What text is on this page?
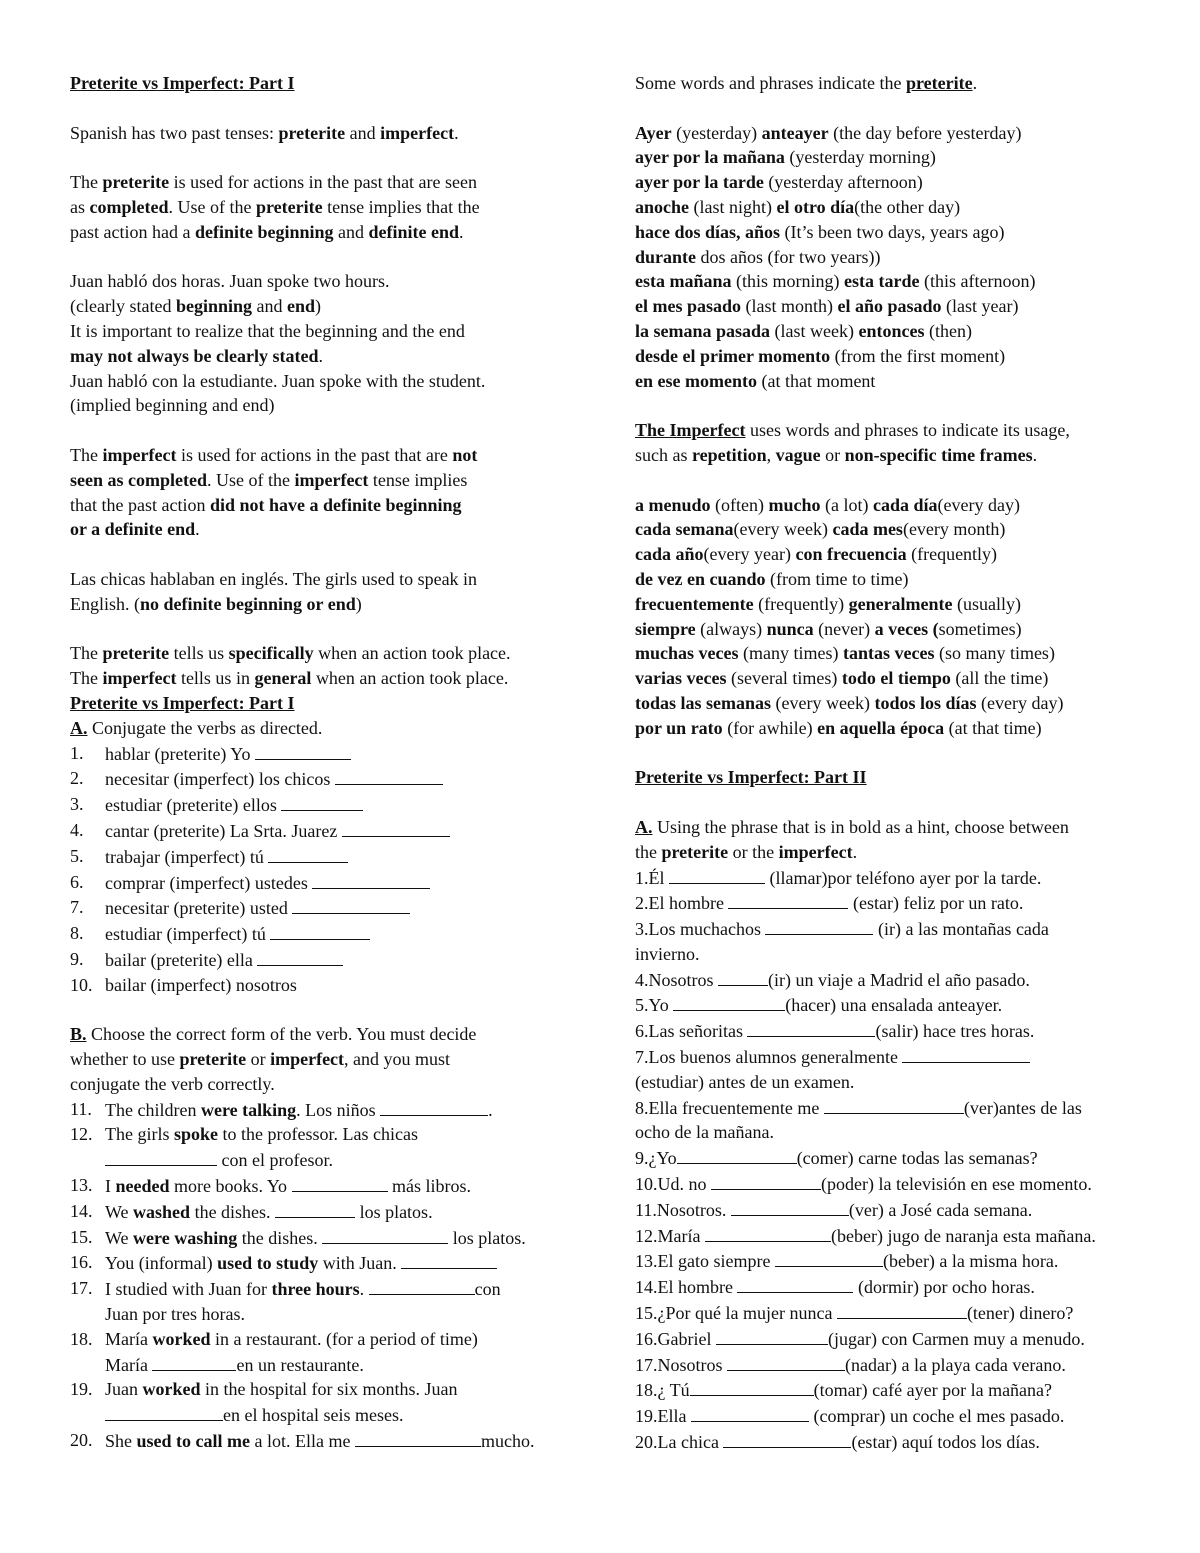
Preterite vs Imperfect: Part I

Spanish has two past tenses: preterite and imperfect.

The preterite is used for actions in the past that are seen

as completed. Use of the preterite tense implies that the

past action had a definite beginning and definite end.

Juan habló dos horas. Juan spoke two hours.

(clearly stated beginning and end)

It is important to realize that the beginning and the end

may not always be clearly stated.

Juan habló con la estudiante. Juan spoke with the student.

(implied beginning and end)

The imperfect is used for actions in the past that are not

seen as completed. Use of the imperfect tense implies

that the past action did not have a definite beginning

or a definite end.

Las chicas hablaban en inglés. The girls used to speak in

English. (no definite beginning or end)

The preterite tells us specifically when an action took place.

The imperfect tells us in general when an action took place.

Preterite vs Imperfect: Part I

A. Conjugate the verbs as directed.

1. hablar (preterite) Yo
2. necesitar (imperfect) los chicos
3. estudiar (preterite) ellos
4. cantar (preterite) La Srta. Juarez
5. trabajar (imperfect) tú
6. comprar (imperfect) ustedes
7. necesitar (preterite) usted
8. estudiar (imperfect) tú
9. bailar (preterite) ella
10. bailar (imperfect) nosotros

B. Choose the correct form of the verb. You must decide

whether to use preterite or imperfect, and you must

conjugate the verb correctly.

11. The children were talking. Los niños	.
12. The girls spoke to the professor. Las chicas
con el profesor.
13. I needed more books. Yo	más libros.
14. We washed the dishes.	los platos.
15. We were washing the dishes.	los platos.
16. You (informal) used to study with Juan.
17. I studied with Juan for three hours.	con
Juan por tres horas.
18. María worked in a restaurant. (for a period of time)
María	en un restaurante.
19. Juan worked in the hospital for six months. Juan
en el hospital seis meses.
20. She used to call me a lot. Ella me	mucho.

Some words and phrases indicate the preterite.

Ayer (yesterday) anteayer (the day before yesterday)

ayer por la mañana (yesterday morning)

ayer por la tarde (yesterday afternoon)

anoche (last night) el otro día(the other day)

hace dos días, años (It’s been two days, years ago)

durante dos años (for two years))

esta mañana (this morning) esta tarde (this afternoon)

el mes pasado (last month) el año pasado (last year)

la semana pasada (last week) entonces (then)

desde el primer momento (from the first moment)

en ese momento (at that moment

The Imperfect uses words and phrases to indicate its usage,

such as repetition, vague or non-specific time frames.

a menudo (often) mucho (a lot) cada día(every day)

cada semana(every week) cada mes(every month)

cada año(every year) con frecuencia (frequently)

de vez en cuando (from time to time)

frecuentemente (frequently) generalmente (usually)

siempre (always) nunca (never) a veces (sometimes)

muchas veces (many times) tantas veces (so many times)

varias veces (several times) todo el tiempo (all the time)

todas las semanas (every week) todos los días (every day)

por un rato (for awhile) en aquella época (at that time)

Preterite vs Imperfect: Part II

A. Using the phrase that is in bold as a hint, choose between

the preterite or the imperfect.

1.Él	(llamar)por teléfono ayer por la tarde.

2.El hombre	(estar) feliz por un rato.

3.Los muchachos	(ir) a las montañas cada

invierno.

4.Nosotros	(ir) un viaje a Madrid el año pasado.

5.Yo	(hacer) una ensalada anteayer.

6.Las señoritas	(salir) hace tres horas.

7.Los buenos alumnos generalmente

(estudiar) antes de un examen.

8.Ella frecuentemente me	(ver)antes de las

ocho de la mañana.

9.¿Yo	(comer) carne todas las semanas?

10.Ud. no	(poder) la televisión en ese momento.

11.Nosotros.	(ver) a José cada semana.

12.María	(beber) jugo de naranja esta mañana.

13.El gato siempre	(beber) a la misma hora.

14.El hombre	(dormir) por ocho horas.

15.¿Por qué la mujer nunca	(tener) dinero?

16.Gabriel	(jugar) con Carmen muy a menudo.

17.Nosotros	(nadar) a la playa cada verano.

18.¿ Tú	(tomar) café ayer por la mañana?

19.Ella	(comprar) un coche el mes pasado.

20.La chica	(estar) aquí todos los días.
